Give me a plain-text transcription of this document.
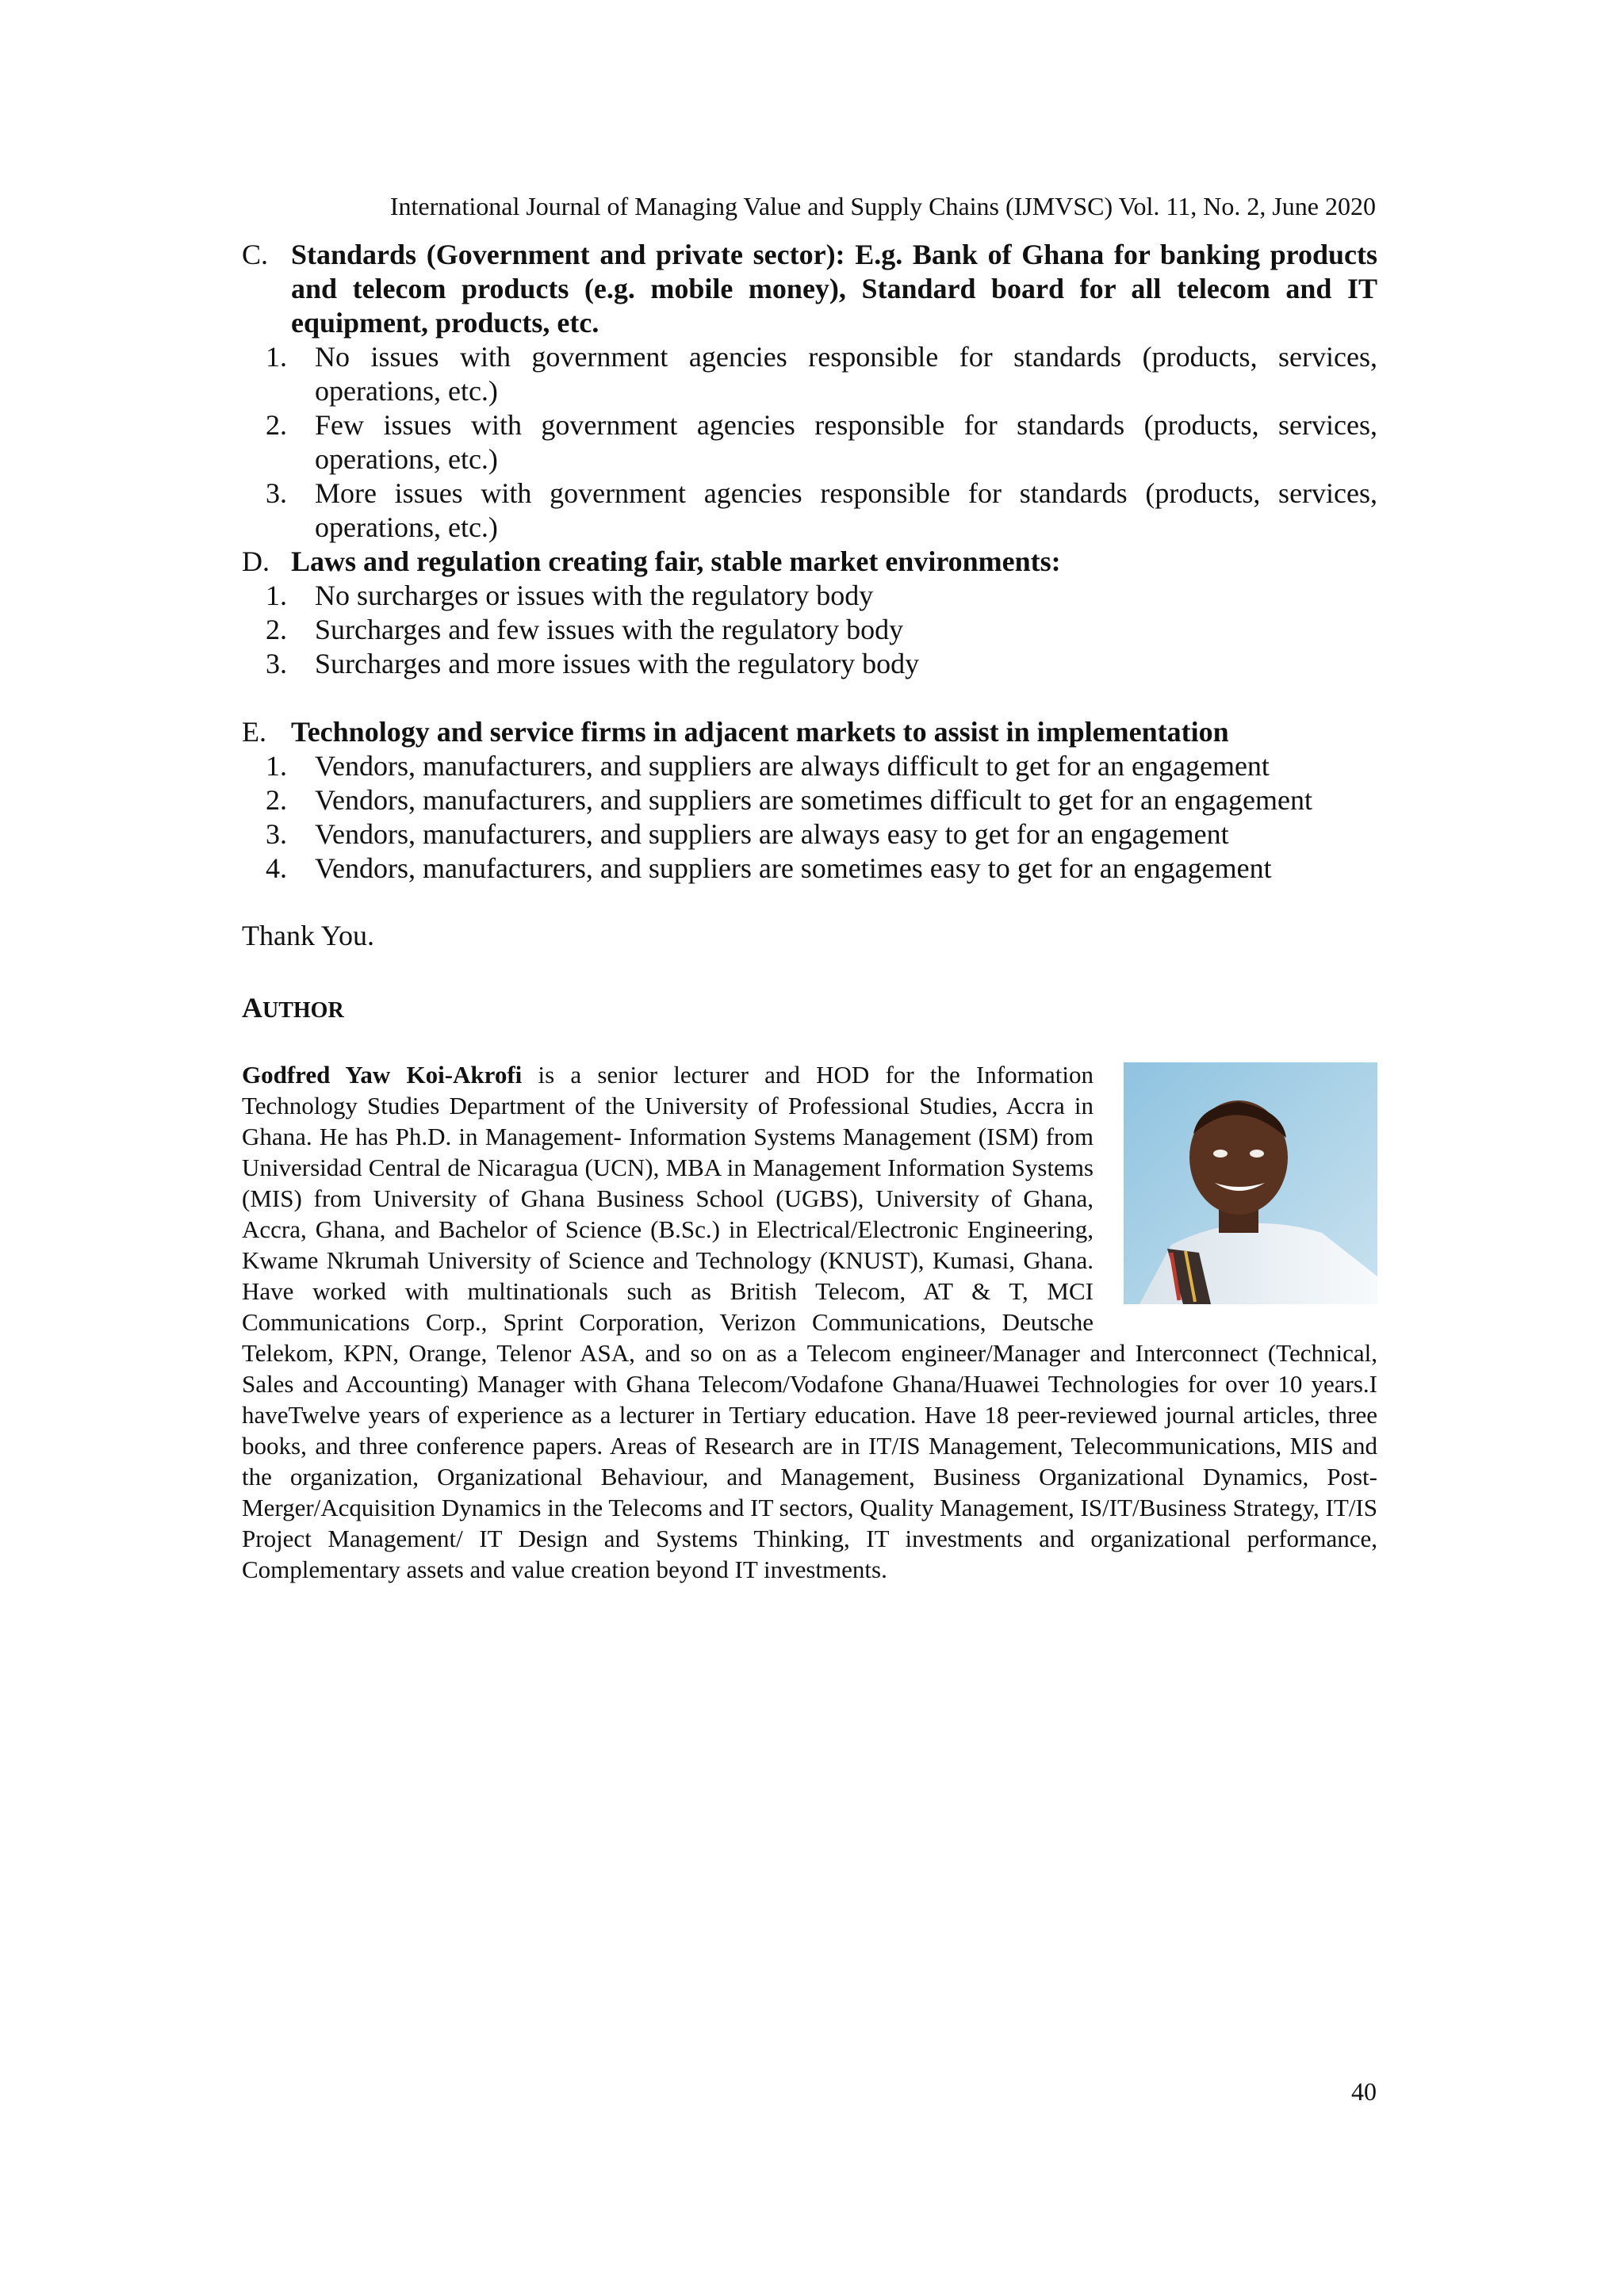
International Journal of Managing Value and Supply Chains (IJMVSC) Vol. 11, No. 2, June 2020
C. Standards (Government and private sector): E.g. Bank of Ghana for banking products and telecom products (e.g. mobile money), Standard board for all telecom and IT equipment, products, etc.
1. No issues with government agencies responsible for standards (products, services, operations, etc.)
2. Few issues with government agencies responsible for standards (products, services, operations, etc.)
3. More issues with government agencies responsible for standards (products, services, operations, etc.)
D. Laws and regulation creating fair, stable market environments:
1. No surcharges or issues with the regulatory body
2. Surcharges and few issues with the regulatory body
3. Surcharges and more issues with the regulatory body
E. Technology and service firms in adjacent markets to assist in implementation
1. Vendors, manufacturers, and suppliers are always difficult to get for an engagement
2. Vendors, manufacturers, and suppliers are sometimes difficult to get for an engagement
3. Vendors, manufacturers, and suppliers are always easy to get for an engagement
4. Vendors, manufacturers, and suppliers are sometimes easy to get for an engagement
Thank You.
AUTHOR
Godfred Yaw Koi-Akrofi is a senior lecturer and HOD for the Information Technology Studies Department of the University of Professional Studies, Accra in Ghana. He has Ph.D. in Management- Information Systems Management (ISM) from Universidad Central de Nicaragua (UCN), MBA in Management Information Systems (MIS) from University of Ghana Business School (UGBS), University of Ghana, Accra, Ghana, and Bachelor of Science (B.Sc.) in Electrical/Electronic Engineering, Kwame Nkrumah University of Science and Technology (KNUST), Kumasi, Ghana. Have worked with multinationals such as British Telecom, AT & T, MCI Communications Corp., Sprint Corporation, Verizon Communications, Deutsche Telekom, KPN, Orange, Telenor ASA, and so on as a Telecom engineer/Manager and Interconnect (Technical, Sales and Accounting) Manager with Ghana Telecom/Vodafone Ghana/Huawei Technologies for over 10 years.I haveTwelve years of experience as a lecturer in Tertiary education. Have 18 peer-reviewed journal articles, three books, and three conference papers. Areas of Research are in IT/IS Management, Telecommunications, MIS and the organization, Organizational Behaviour, and Management, Business Organizational Dynamics, Post-Merger/Acquisition Dynamics in the Telecoms and IT sectors, Quality Management, IS/IT/Business Strategy, IT/IS Project Management/ IT Design and Systems Thinking, IT investments and organizational performance, Complementary assets and value creation beyond IT investments.
40
